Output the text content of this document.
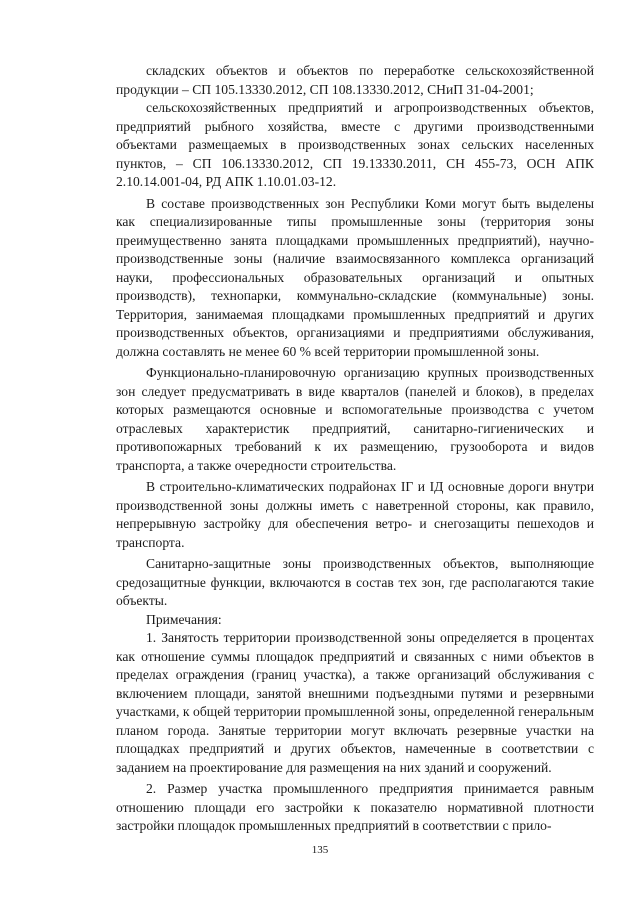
складских объектов и объектов по переработке сельскохозяйственной продукции – СП 105.13330.2012, СП 108.13330.2012, СНиП 31-04-2001;

сельскохозяйственных предприятий и агропроизводственных объектов, предприятий рыбного хозяйства, вместе с другими производственными объектами размещаемых в производственных зонах сельских населенных пунктов, – СП 106.13330.2012, СП 19.13330.2011, СН 455-73, ОСН АПК 2.10.14.001-04, РД АПК 1.10.01.03-12.

В составе производственных зон Республики Коми могут быть выделены как специализированные типы промышленные зоны (территория зоны преимущественно занята площадками промышленных предприятий), научно-производственные зоны (наличие взаимосвязанного комплекса организаций науки, профессиональных образовательных организаций и опытных производств), технопарки, коммунально-складские (коммунальные) зоны. Территория, занимаемая площадками промышленных предприятий и других производственных объектов, организациями и предприятиями обслуживания, должна составлять не менее 60 % всей территории промышленной зоны.

Функционально-планировочную организацию крупных производственных зон следует предусматривать в виде кварталов (панелей и блоков), в пределах которых размещаются основные и вспомогательные производства с учетом отраслевых характеристик предприятий, санитарно-гигиенических и противопожарных требований к их размещению, грузооборота и видов транспорта, а также очередности строительства.

В строительно-климатических подрайонах IГ и IД основные дороги внутри производственной зоны должны иметь с наветренной стороны, как правило, непрерывную застройку для обеспечения ветро- и снегозащиты пешеходов и транспорта.

Санитарно-защитные зоны производственных объектов, выполняющие средозащитные функции, включаются в состав тех зон, где располагаются такие объекты.

Примечания:

1. Занятость территории производственной зоны определяется в процентах как отношение суммы площадок предприятий и связанных с ними объектов в пределах ограждения (границ участка), а также организаций обслуживания с включением площади, занятой внешними подъездными путями и резервными участками, к общей территории промышленной зоны, определенной генеральным планом города. Занятые территории могут включать резервные участки на площадках предприятий и других объектов, намеченные в соответствии с заданием на проектирование для размещения на них зданий и сооружений.

2. Размер участка промышленного предприятия принимается равным отношению площади его застройки к показателю нормативной плотности застройки площадок промышленных предприятий в соответствии с прило-

135
